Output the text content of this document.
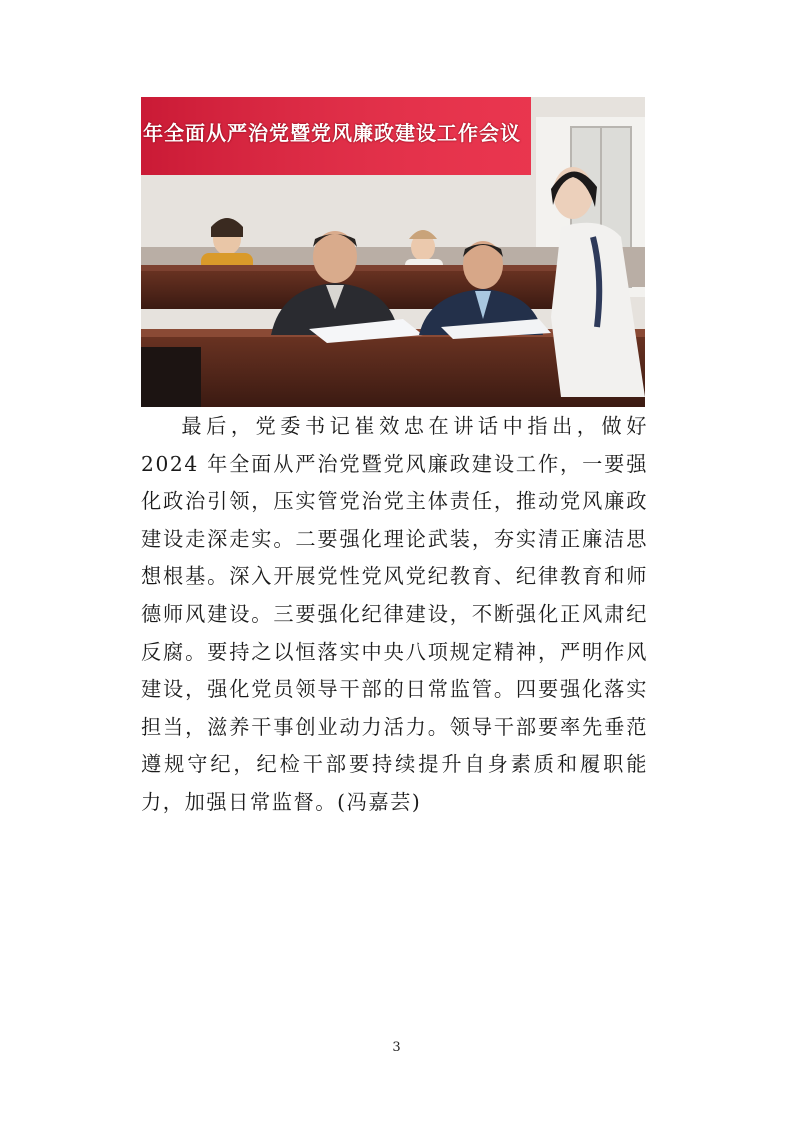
年全面从严治党暨党风廉政建设工作会议

最后，党委书记崔效忠在讲话中指出，做好 2024 年全面从严治党暨党风廉政建设工作，一要强化政治引领，压实管党治党主体责任，推动党风廉政建设走深走实。二要强化理论武装，夯实清正廉洁思想根基。深入开展党性党风党纪教育、纪律教育和师德师风建设。三要强化纪律建设，不断强化正风肃纪反腐。要持之以恒落实中央八项规定精神，严明作风建设，强化党员领导干部的日常监管。四要强化落实担当，滋养干事创业动力活力。领导干部要率先垂范遵规守纪，纪检干部要持续提升自身素质和履职能力，加强日常监督。(冯嘉芸)

3
